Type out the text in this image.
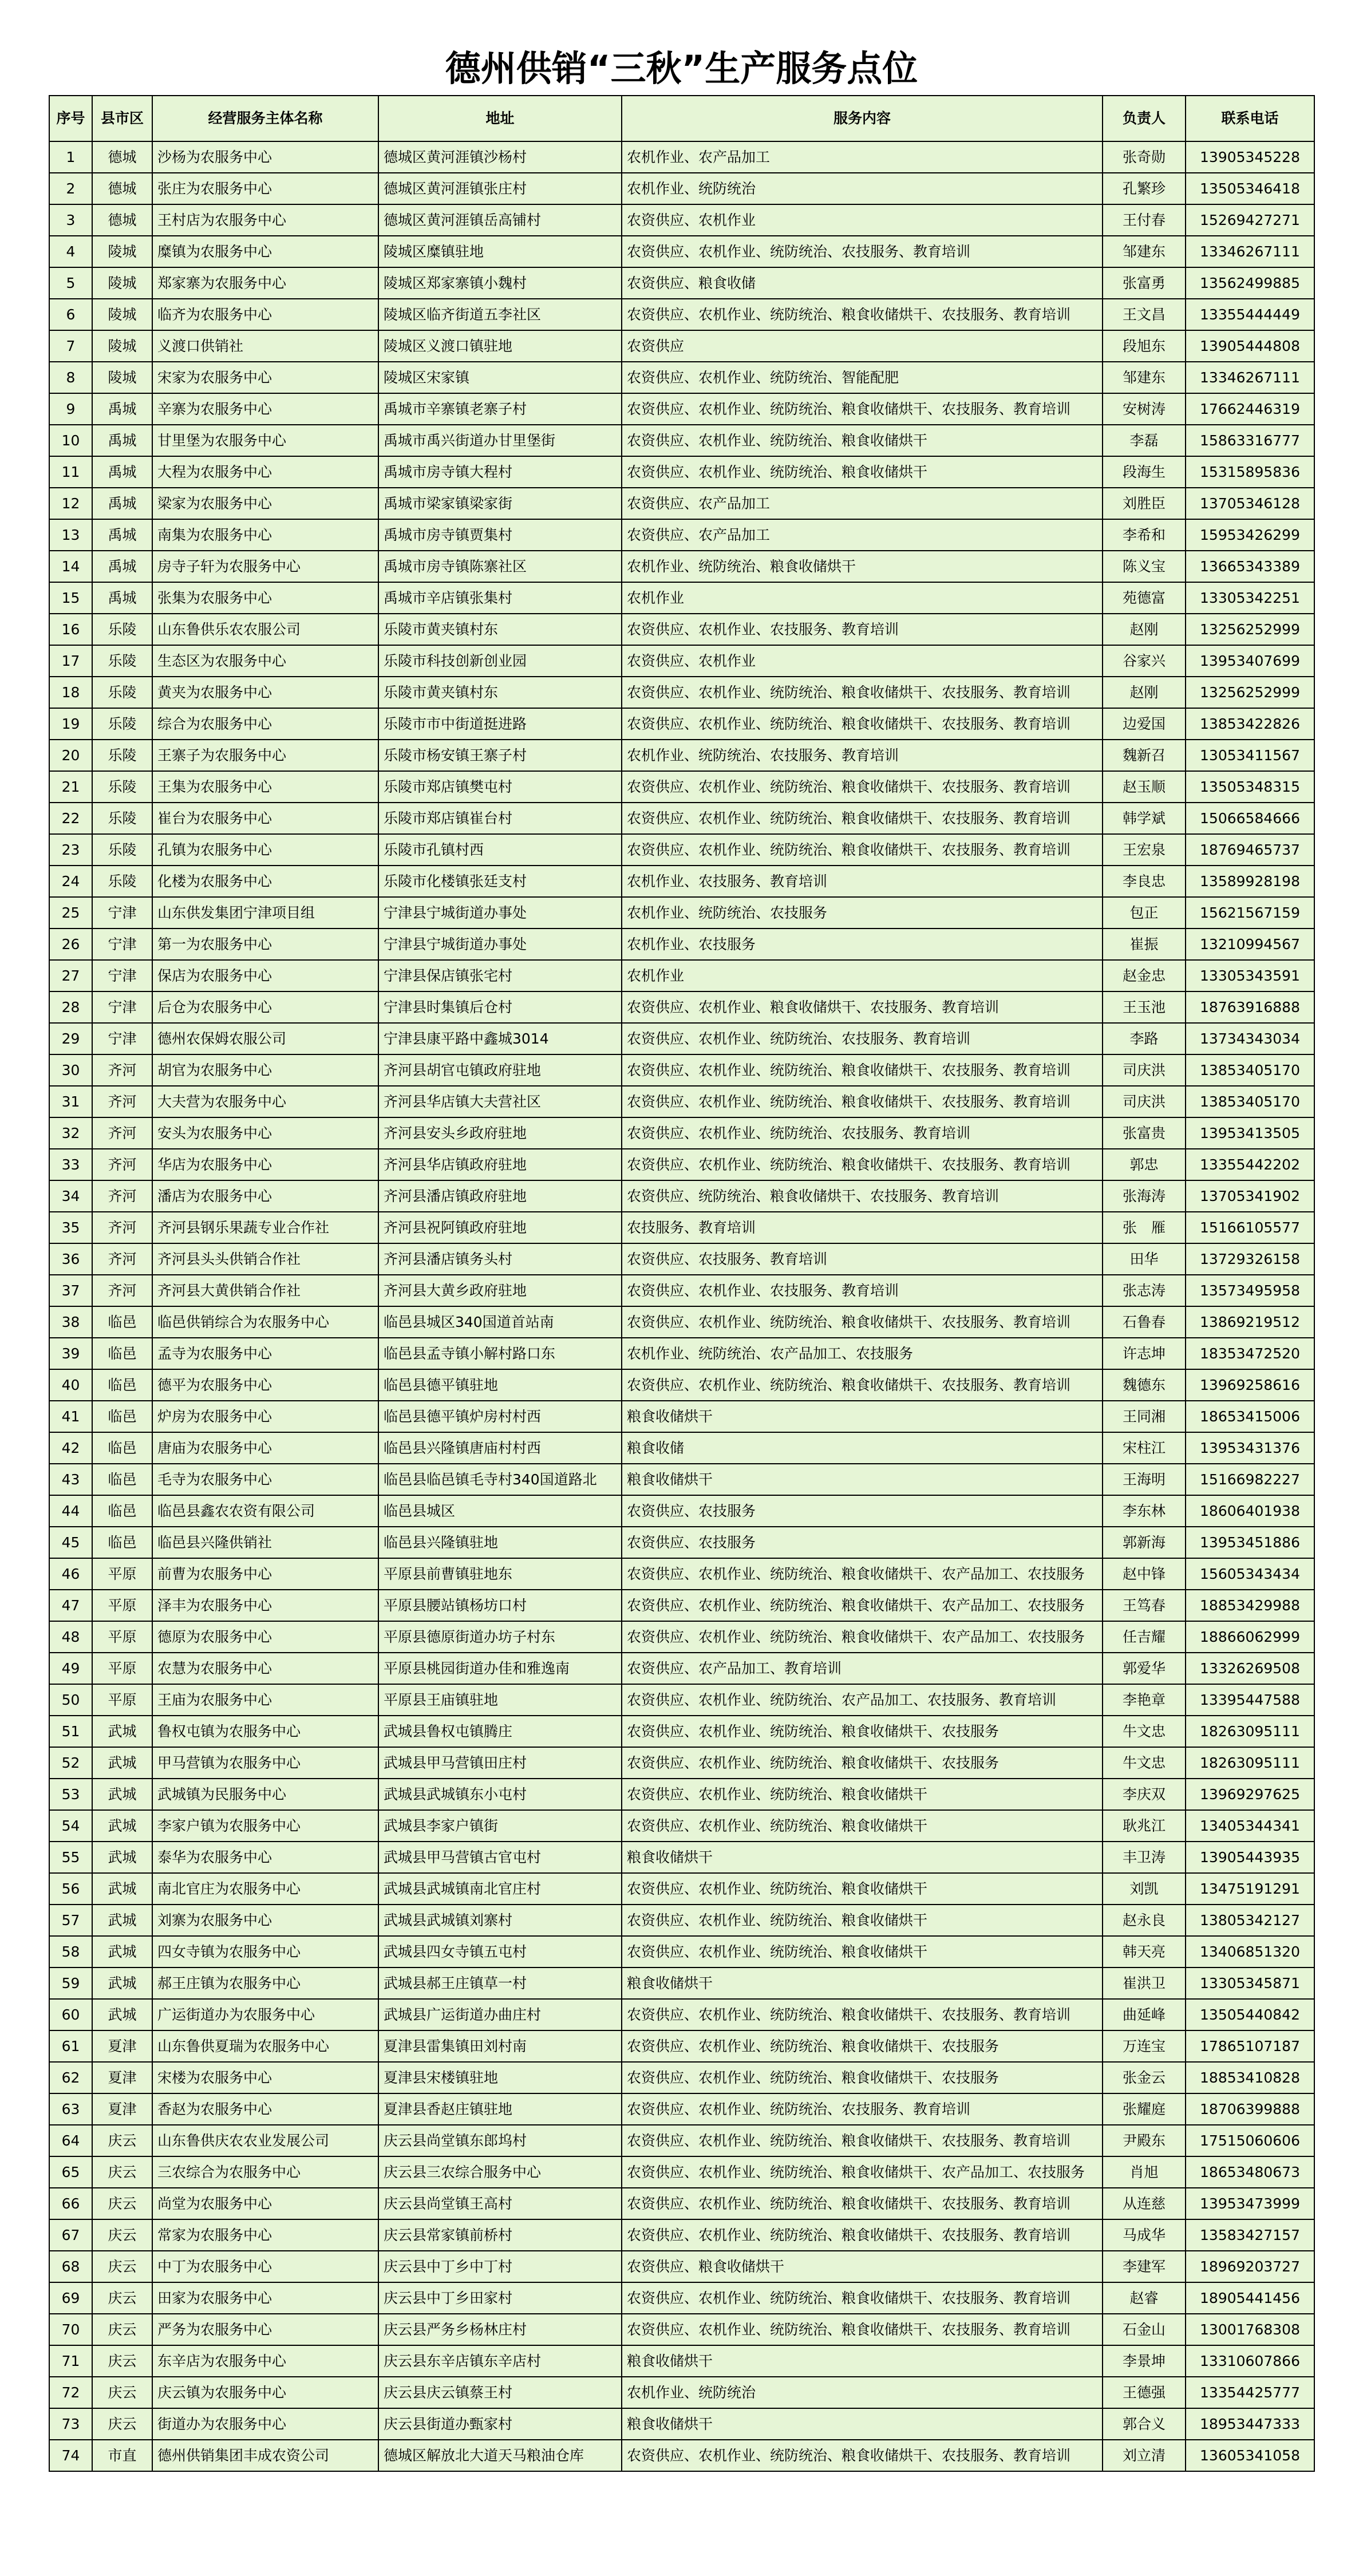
德州供销“三秋”生产服务点位
序号	县市区	经营服务主体名称	地址	服务内容	负责人	联系电话
1	德城	沙杨为农服务中心	德城区黄河涯镇沙杨村	农机作业、农产品加工	张奇勋	13905345228
2	德城	张庄为农服务中心	德城区黄河涯镇张庄村	农机作业、统防统治	孔繁珍	13505346418
3	德城	王村店为农服务中心	德城区黄河涯镇岳高铺村	农资供应、农机作业	王付春	15269427271
4	陵城	糜镇为农服务中心	陵城区糜镇驻地	农资供应、农机作业、统防统治、农技服务、教育培训	邹建东	13346267111
5	陵城	郑家寨为农服务中心	陵城区郑家寨镇小魏村	农资供应、粮食收储	张富勇	13562499885
6	陵城	临齐为农服务中心	陵城区临齐街道五李社区	农资供应、农机作业、统防统治、粮食收储烘干、农技服务、教育培训	王文昌	13355444449
7	陵城	义渡口供销社	陵城区义渡口镇驻地	农资供应	段旭东	13905444808
8	陵城	宋家为农服务中心	陵城区宋家镇	农资供应、农机作业、统防统治、智能配肥	邹建东	13346267111
9	禹城	辛寨为农服务中心	禹城市辛寨镇老寨子村	农资供应、农机作业、统防统治、粮食收储烘干、农技服务、教育培训	安树涛	17662446319
10	禹城	甘里堡为农服务中心	禹城市禹兴街道办甘里堡街	农资供应、农机作业、统防统治、粮食收储烘干	李磊	15863316777
11	禹城	大程为农服务中心	禹城市房寺镇大程村	农资供应、农机作业、统防统治、粮食收储烘干	段海生	15315895836
12	禹城	梁家为农服务中心	禹城市梁家镇梁家街	农资供应、农产品加工	刘胜臣	13705346128
13	禹城	南集为农服务中心	禹城市房寺镇贾集村	农资供应、农产品加工	李希和	15953426299
14	禹城	房寺子轩为农服务中心	禹城市房寺镇陈寨社区	农机作业、统防统治、粮食收储烘干	陈义宝	13665343389
15	禹城	张集为农服务中心	禹城市辛店镇张集村	农机作业	苑德富	13305342251
16	乐陵	山东鲁供乐农农服公司	乐陵市黄夹镇村东	农资供应、农机作业、农技服务、教育培训	赵刚	13256252999
17	乐陵	生态区为农服务中心	乐陵市科技创新创业园	农资供应、农机作业	谷家兴	13953407699
18	乐陵	黄夹为农服务中心	乐陵市黄夹镇村东	农资供应、农机作业、统防统治、粮食收储烘干、农技服务、教育培训	赵刚	13256252999
19	乐陵	综合为农服务中心	乐陵市市中街道挺进路	农资供应、农机作业、统防统治、粮食收储烘干、农技服务、教育培训	边爱国	13853422826
20	乐陵	王寨子为农服务中心	乐陵市杨安镇王寨子村	农机作业、统防统治、农技服务、教育培训	魏新召	13053411567
21	乐陵	王集为农服务中心	乐陵市郑店镇樊屯村	农资供应、农机作业、统防统治、粮食收储烘干、农技服务、教育培训	赵玉顺	13505348315
22	乐陵	崔台为农服务中心	乐陵市郑店镇崔台村	农资供应、农机作业、统防统治、粮食收储烘干、农技服务、教育培训	韩学斌	15066584666
23	乐陵	孔镇为农服务中心	乐陵市孔镇村西	农资供应、农机作业、统防统治、粮食收储烘干、农技服务、教育培训	王宏泉	18769465737
24	乐陵	化楼为农服务中心	乐陵市化楼镇张廷支村	农机作业、农技服务、教育培训	李良忠	13589928198
25	宁津	山东供发集团宁津项目组	宁津县宁城街道办事处	农机作业、统防统治、农技服务	包正	15621567159
26	宁津	第一为农服务中心	宁津县宁城街道办事处	农机作业、农技服务	崔振	13210994567
27	宁津	保店为农服务中心	宁津县保店镇张宅村	农机作业	赵金忠	13305343591
28	宁津	后仓为农服务中心	宁津县时集镇后仓村	农资供应、农机作业、粮食收储烘干、农技服务、教育培训	王玉池	18763916888
29	宁津	德州农保姆农服公司	宁津县康平路中鑫城3014	农资供应、农机作业、统防统治、农技服务、教育培训	李路	13734343034
30	齐河	胡官为农服务中心	齐河县胡官屯镇政府驻地	农资供应、农机作业、统防统治、粮食收储烘干、农技服务、教育培训	司庆洪	13853405170
31	齐河	大夫营为农服务中心	齐河县华店镇大夫营社区	农资供应、农机作业、统防统治、粮食收储烘干、农技服务、教育培训	司庆洪	13853405170
32	齐河	安头为农服务中心	齐河县安头乡政府驻地	农资供应、农机作业、统防统治、农技服务、教育培训	张富贵	13953413505
33	齐河	华店为农服务中心	齐河县华店镇政府驻地	农资供应、农机作业、统防统治、粮食收储烘干、农技服务、教育培训	郭忠	13355442202
34	齐河	潘店为农服务中心	齐河县潘店镇政府驻地	农资供应、统防统治、粮食收储烘干、农技服务、教育培训	张海涛	13705341902
35	齐河	齐河县钢乐果蔬专业合作社	齐河县祝阿镇政府驻地	农技服务、教育培训	张　雁	15166105577
36	齐河	齐河县头头供销合作社	齐河县潘店镇务头村	农资供应、农技服务、教育培训	田华	13729326158
37	齐河	齐河县大黄供销合作社	齐河县大黄乡政府驻地	农资供应、农机作业、农技服务、教育培训	张志涛	13573495958
38	临邑	临邑供销综合为农服务中心	临邑县城区340国道首站南	农资供应、农机作业、统防统治、粮食收储烘干、农技服务、教育培训	石鲁春	13869219512
39	临邑	孟寺为农服务中心	临邑县孟寺镇小解村路口东	农机作业、统防统治、农产品加工、农技服务	许志坤	18353472520
40	临邑	德平为农服务中心	临邑县德平镇驻地	农资供应、农机作业、统防统治、粮食收储烘干、农技服务、教育培训	魏德东	13969258616
41	临邑	炉房为农服务中心	临邑县德平镇炉房村村西	粮食收储烘干	王同湘	18653415006
42	临邑	唐庙为农服务中心	临邑县兴隆镇唐庙村村西	粮食收储	宋柱江	13953431376
43	临邑	毛寺为农服务中心	临邑县临邑镇毛寺村340国道路北	粮食收储烘干	王海明	15166982227
44	临邑	临邑县鑫农农资有限公司	临邑县城区	农资供应、农技服务	李东林	18606401938
45	临邑	临邑县兴隆供销社	临邑县兴隆镇驻地	农资供应、农技服务	郭新海	13953451886
46	平原	前曹为农服务中心	平原县前曹镇驻地东	农资供应、农机作业、统防统治、粮食收储烘干、农产品加工、农技服务	赵中锋	15605343434
47	平原	泽丰为农服务中心	平原县腰站镇杨坊口村	农资供应、农机作业、统防统治、粮食收储烘干、农产品加工、农技服务	王笃春	18853429988
48	平原	德原为农服务中心	平原县德原街道办坊子村东	农资供应、农机作业、统防统治、粮食收储烘干、农产品加工、农技服务	任吉耀	18866062999
49	平原	农慧为农服务中心	平原县桃园街道办佳和雅逸南	农资供应、农产品加工、教育培训	郭爱华	13326269508
50	平原	王庙为农服务中心	平原县王庙镇驻地	农资供应、农机作业、统防统治、农产品加工、农技服务、教育培训	李艳章	13395447588
51	武城	鲁权屯镇为农服务中心	武城县鲁权屯镇腾庄	农资供应、农机作业、统防统治、粮食收储烘干、农技服务	牛文忠	18263095111
52	武城	甲马营镇为农服务中心	武城县甲马营镇田庄村	农资供应、农机作业、统防统治、粮食收储烘干、农技服务	牛文忠	18263095111
53	武城	武城镇为民服务中心	武城县武城镇东小屯村	农资供应、农机作业、统防统治、粮食收储烘干	李庆双	13969297625
54	武城	李家户镇为农服务中心	武城县李家户镇街	农资供应、农机作业、统防统治、粮食收储烘干	耿兆江	13405344341
55	武城	泰华为农服务中心	武城县甲马营镇古官屯村	粮食收储烘干	丰卫涛	13905443935
56	武城	南北官庄为农服务中心	武城县武城镇南北官庄村	农资供应、农机作业、统防统治、粮食收储烘干	刘凯	13475191291
57	武城	刘寨为农服务中心	武城县武城镇刘寨村	农资供应、农机作业、统防统治、粮食收储烘干	赵永良	13805342127
58	武城	四女寺镇为农服务中心	武城县四女寺镇五屯村	农资供应、农机作业、统防统治、粮食收储烘干	韩天亮	13406851320
59	武城	郝王庄镇为农服务中心	武城县郝王庄镇草一村	粮食收储烘干	崔洪卫	13305345871
60	武城	广运街道办为农服务中心	武城县广运街道办曲庄村	农资供应、农机作业、统防统治、粮食收储烘干、农技服务、教育培训	曲延峰	13505440842
61	夏津	山东鲁供夏瑞为农服务中心	夏津县雷集镇田刘村南	农资供应、农机作业、统防统治、粮食收储烘干、农技服务	万连宝	17865107187
62	夏津	宋楼为农服务中心	夏津县宋楼镇驻地	农资供应、农机作业、统防统治、粮食收储烘干、农技服务	张金云	18853410828
63	夏津	香赵为农服务中心	夏津县香赵庄镇驻地	农资供应、农机作业、统防统治、农技服务、教育培训	张耀庭	18706399888
64	庆云	山东鲁供庆农农业发展公司	庆云县尚堂镇东郎坞村	农资供应、农机作业、统防统治、粮食收储烘干、农技服务、教育培训	尹殿东	17515060606
65	庆云	三农综合为农服务中心	庆云县三农综合服务中心	农资供应、农机作业、统防统治、粮食收储烘干、农产品加工、农技服务	肖旭	18653480673
66	庆云	尚堂为农服务中心	庆云县尚堂镇王高村	农资供应、农机作业、统防统治、粮食收储烘干、农技服务、教育培训	从连慈	13953473999
67	庆云	常家为农服务中心	庆云县常家镇前桥村	农资供应、农机作业、统防统治、粮食收储烘干、农技服务、教育培训	马成华	13583427157
68	庆云	中丁为农服务中心	庆云县中丁乡中丁村	农资供应、粮食收储烘干	李建军	18969203727
69	庆云	田家为农服务中心	庆云县中丁乡田家村	农资供应、农机作业、统防统治、粮食收储烘干、农技服务、教育培训	赵睿	18905441456
70	庆云	严务为农服务中心	庆云县严务乡杨林庄村	农资供应、农机作业、统防统治、粮食收储烘干、农技服务、教育培训	石金山	13001768308
71	庆云	东辛店为农服务中心	庆云县东辛店镇东辛店村	粮食收储烘干	李景坤	13310607866
72	庆云	庆云镇为农服务中心	庆云县庆云镇蔡王村	农机作业、统防统治	王德强	13354425777
73	庆云	街道办为农服务中心	庆云县街道办甄家村	粮食收储烘干	郭合义	18953447333
74	市直	德州供销集团丰成农资公司	德城区解放北大道天马粮油仓库	农资供应、农机作业、统防统治、粮食收储烘干、农技服务、教育培训	刘立清	13605341058
